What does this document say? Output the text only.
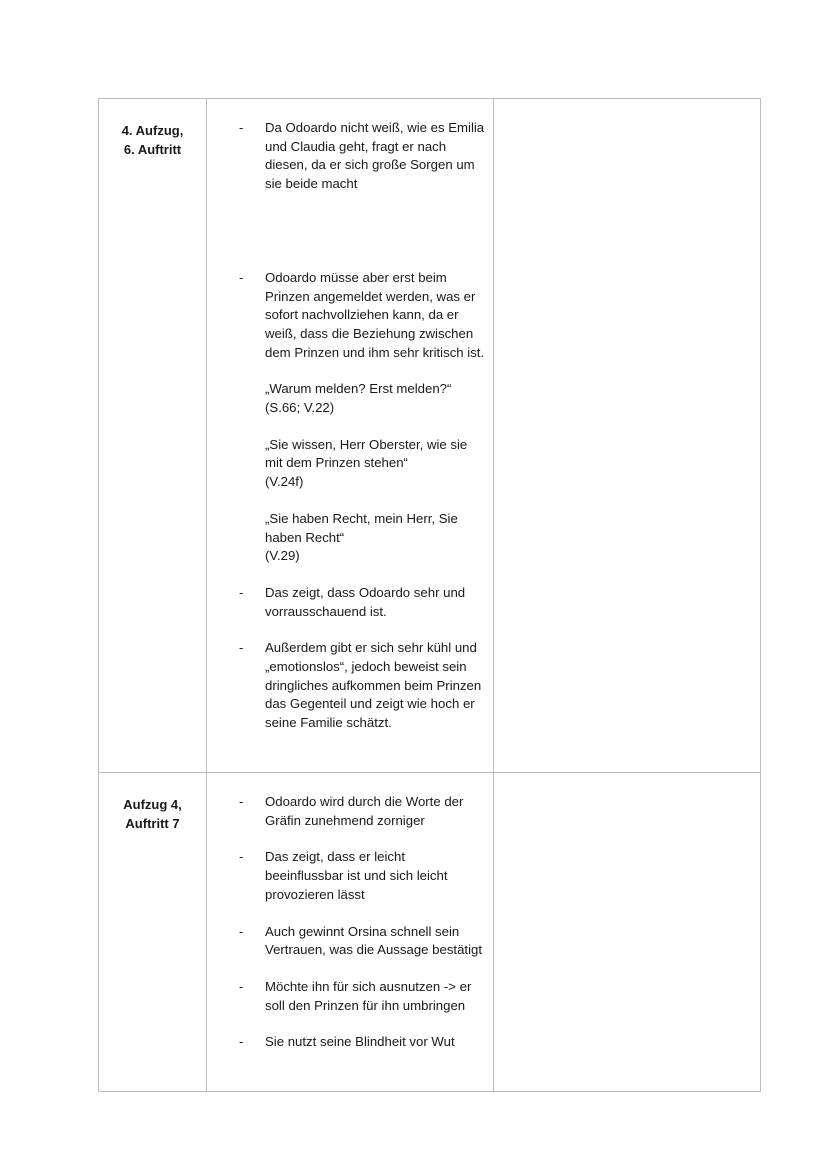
4. Aufzug,
6. Auftritt
- Da Odoardo nicht weiß, wie es Emilia und Claudia geht, fragt er nach diesen, da er sich große Sorgen um sie beide macht

- Odoardo müsse aber erst beim Prinzen angemeldet werden, was er sofort nachvollziehen kann, da er weiß, dass die Beziehung zwischen dem Prinzen und ihm sehr kritisch ist.

„Warum melden? Erst melden?“

(S.66; V.22)

„Sie wissen, Herr Oberster, wie sie mit dem Prinzen stehen“

(V.24f)

„Sie haben Recht, mein Herr, Sie haben Recht“

(V.29)

- Das zeigt, dass Odoardo sehr und vorrausschauend ist.

- Außerdem gibt er sich sehr kühl und „emotionslos“, jedoch beweist sein dringliches aufkommen beim Prinzen das Gegenteil und zeigt wie hoch er seine Familie schätzt.

Aufzug 4,
Auftritt 7
- Odoardo wird durch die Worte der Gräfin zunehmend zorniger

- Das zeigt, dass er leicht beeinflussbar ist und sich leicht provozieren lässt

- Auch gewinnt Orsina schnell sein Vertrauen, was die Aussage bestätigt

- Möchte ihn für sich ausnutzen -> er soll den Prinzen für ihn umbringen

- Sie nutzt seine Blindheit vor Wut
